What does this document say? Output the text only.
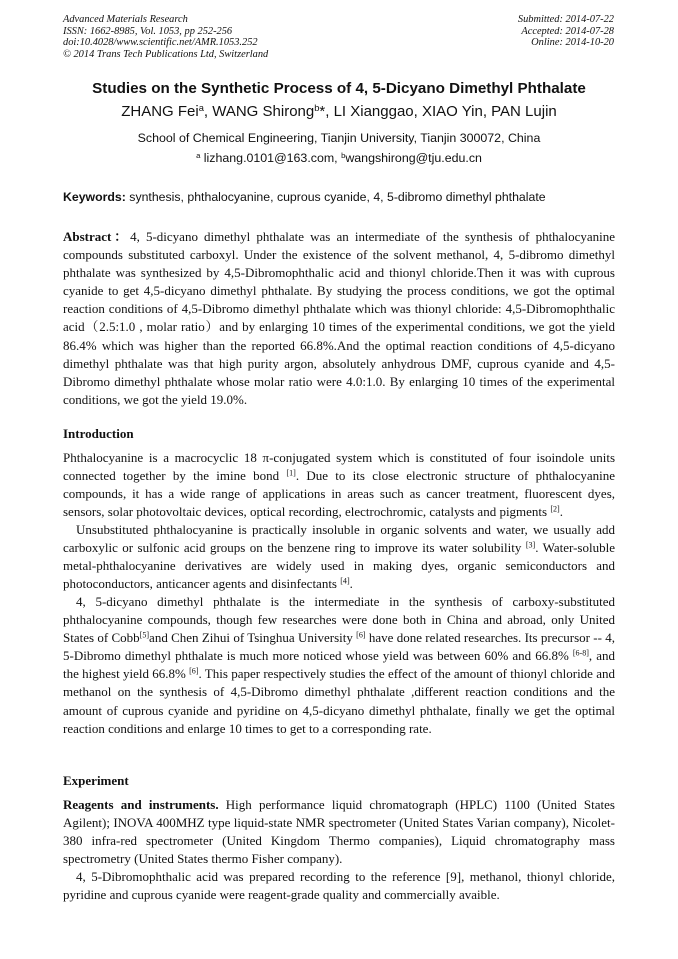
Advanced Materials Research
ISSN: 1662-8985, Vol. 1053, pp 252-256
doi:10.4028/www.scientific.net/AMR.1053.252
© 2014 Trans Tech Publications Ltd, Switzerland
Submitted: 2014-07-22
Accepted: 2014-07-28
Online: 2014-10-20
Studies on the Synthetic Process of 4, 5-Dicyano Dimethyl Phthalate
ZHANG Fei$^a$, WANG Shirong$^b$*, LI Xianggao, XIAO Yin, PAN Lujin
School of Chemical Engineering, Tianjin University, Tianjin 300072, China
$^a$ lizhang.0101@163.com, $^b$wangshirong@tju.edu.cn
Keywords: synthesis, phthalocyanine, cuprous cyanide, 4, 5-dibromo dimethyl phthalate

Abstract：4, 5-dicyano dimethyl phthalate was an intermediate of the synthesis of phthalocyanine compounds substituted carboxyl. Under the existence of the solvent methanol, 4, 5-dibromo dimethyl phthalate was synthesized by 4,5-Dibromophthalic acid and thionyl chloride.Then it was with cuprous cyanide to get 4,5-dicyano dimethyl phthalate. By studying the process conditions, we got the optimal reaction conditions of 4,5-Dibromo dimethyl phthalate which was thionyl chloride: 4,5-Dibromophthalic acid（2.5:1.0 , molar ratio）and by enlarging 10 times of the experimental conditions, we got the yield 86.4% which was higher than the reported 66.8%.And the optimal reaction conditions of 4,5-dicyano dimethyl phthalate was that high purity argon, absolutely anhydrous DMF, cuprous cyanide and 4,5-Dibromo dimethyl phthalate whose molar ratio were 4.0:1.0. By enlarging 10 times of the experimental conditions, we got the yield 19.0%.

Introduction

Phthalocyanine is a macrocyclic 18 π-conjugated system which is constituted of four isoindole units connected together by the imine bond [1]. Due to its close electronic structure of phthalocyanine compounds, it has a wide range of applications in areas such as cancer treatment, fluorescent dyes, sensors, solar photovoltaic devices, optical recording, electrochromic, catalysts and pigments [2].

Unsubstituted phthalocyanine is practically insoluble in organic solvents and water, we usually add carboxylic or sulfonic acid groups on the benzene ring to improve its water solubility [3]. Water-soluble metal-phthalocyanine derivatives are widely used in making dyes, organic semiconductors and photoconductors, anticancer agents and disinfectants [4].

4, 5-dicyano dimethyl phthalate is the intermediate in the synthesis of carboxy-substituted phthalocyanine compounds, though few researches were done both in China and abroad, only United States of Cobb[5]and Chen Zihui of Tsinghua University [6] have done related researches. Its precursor -- 4, 5-Dibromo dimethyl phthalate is much more noticed whose yield was between 60% and 66.8% [6-8], and the highest yield 66.8% [6]. This paper respectively studies the effect of the amount of thionyl chloride and methanol on the synthesis of 4,5-Dibromo dimethyl phthalate ,different reaction conditions and the amount of cuprous cyanide and pyridine on 4,5-dicyano dimethyl phthalate, finally we get the optimal reaction conditions and enlarge 10 times to get to a corresponding rate.

Experiment

Reagents and instruments. High performance liquid chromatograph (HPLC) 1100 (United States Agilent); INOVA 400MHZ type liquid-state NMR spectrometer (United States Varian company), Nicolet-380 infra-red spectrometer (United Kingdom Thermo companies), Liquid chromatography mass spectrometry (United States thermo Fisher company).

4, 5-Dibromophthalic acid was prepared recording to the reference [9], methanol, thionyl chloride, pyridine and cuprous cyanide were reagent-grade quality and commercially avaible.
